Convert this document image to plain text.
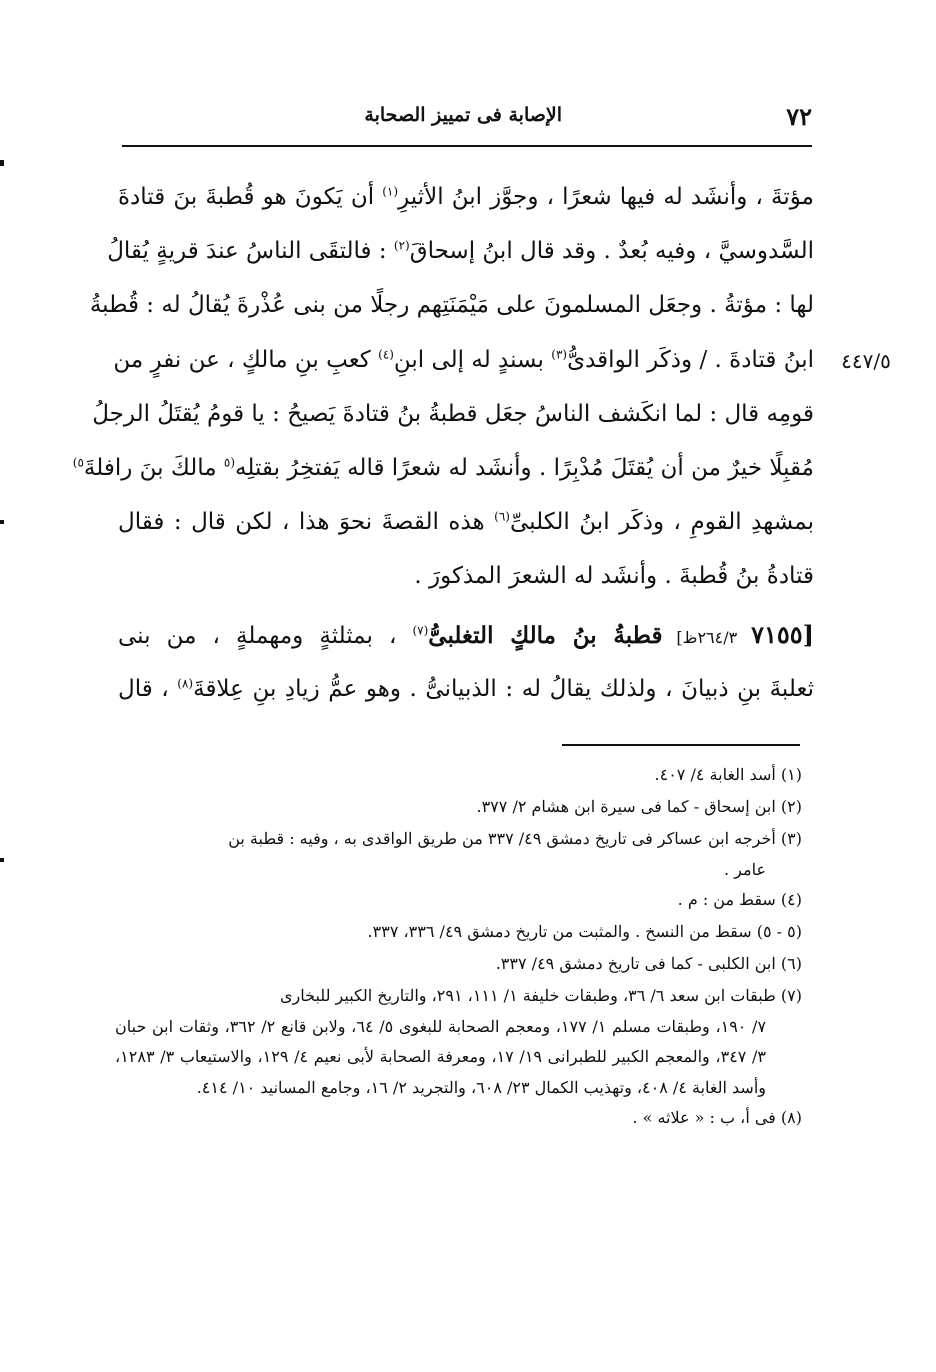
٧٢
الإصابة فى تمييز الصحابة
٤٤٧/٥
مؤتةَ ، وأنشَد له فيها شعرًا ، وجوَّز ابنُ الأثيرِ$^{(١)}$ أن يَكونَ هو قُطبةَ بنَ قتادةَ
السَّدوسيَّ ، وفيه بُعدٌ . وقد قال ابنُ إسحاقَ$^{(٢)}$ : فالتقَى الناسُ عندَ قريةٍ يُقالُ
لها : مؤتةُ . وجعَل المسلمونَ على مَيْمَنَتِهم رجلًا من بنى عُذْرةَ يُقالُ له : قُطبةُ
ابنُ قتادةَ . / وذكَر الواقدىُّ$^{(٣)}$ بسندٍ له إلى ابنِ$^{(٤)}$ كعبِ بنِ مالكٍ ، عن نفرٍ من
قومِه قال : لما انكَشف الناسُ جعَل قطبةُ بنُ قتادةَ يَصيحُ : يا قومُ يُقتَلُ الرجلُ
مُقبِلًا خيرٌ من أن يُقتَلَ مُدْبِرًا . وأنشَد له شعرًا قاله يَفتخِرُ بقتلِه$^{(٥}$ مالكَ بنَ رافلةَ$^{٥)}$
بمشهدِ القومِ ، وذكَر ابنُ الكلبىِّ$^{(٦)}$ هذه القصةَ نحوَ هذا ، لكن قال : فقال
قتادةُ بنُ قُطبةَ . وأنشَد له الشعرَ المذكورَ .
[٧١٥٥ ٢٦٤/٣ظ] قطبةُ بنُ مالكٍ التغلبىُّ$^{(٧)}$ ، بمثلثةٍ ومهملةٍ ، من بنى
ثعلبةَ بنِ ذبيانَ ، ولذلك يقالُ له : الذبيانىُّ . وهو عمُّ زيادِ بنِ عِلاقةَ$^{(٨)}$ ، قال
(١) أسد الغابة ٤/ ٤٠٧.
(٢) ابن إسحاق - كما فى سيرة ابن هشام ٢/ ٣٧٧.
(٣) أخرجه ابن عساكر فى تاريخ دمشق ٤٩/ ٣٣٧ من طريق الواقدى به ، وفيه : قطبة بن
عامر .
(٤) سقط من : م .
(٥ - ٥) سقط من النسخ . والمثبت من تاريخ دمشق ٤٩/ ٣٣٦، ٣٣٧.
(٦) ابن الكلبى - كما فى تاريخ دمشق ٤٩/ ٣٣٧.
(٧) طبقات ابن سعد ٦/ ٣٦، وطبقات خليفة ١/ ١١١، ٢٩١، والتاريخ الكبير للبخارى
٧/ ١٩٠، وطبقات مسلم ١/ ١٧٧، ومعجم الصحابة للبغوى ٥/ ٦٤، ولابن قانع ٢/ ٣٦٢، وثقات ابن حبان ٣/ ٣٤٧، والمعجم الكبير للطبرانى ١٩/ ١٧، ومعرفة الصحابة لأبى نعيم ٤/ ١٢٩، والاستيعاب ٣/ ١٢٨٣، وأسد الغابة ٤/ ٤٠٨، وتهذيب الكمال ٢٣/ ٦٠٨، والتجريد ٢/ ١٦، وجامع المسانيد ١٠/ ٤١٤.
(٨) فى أ، ب : « علاثه » .
